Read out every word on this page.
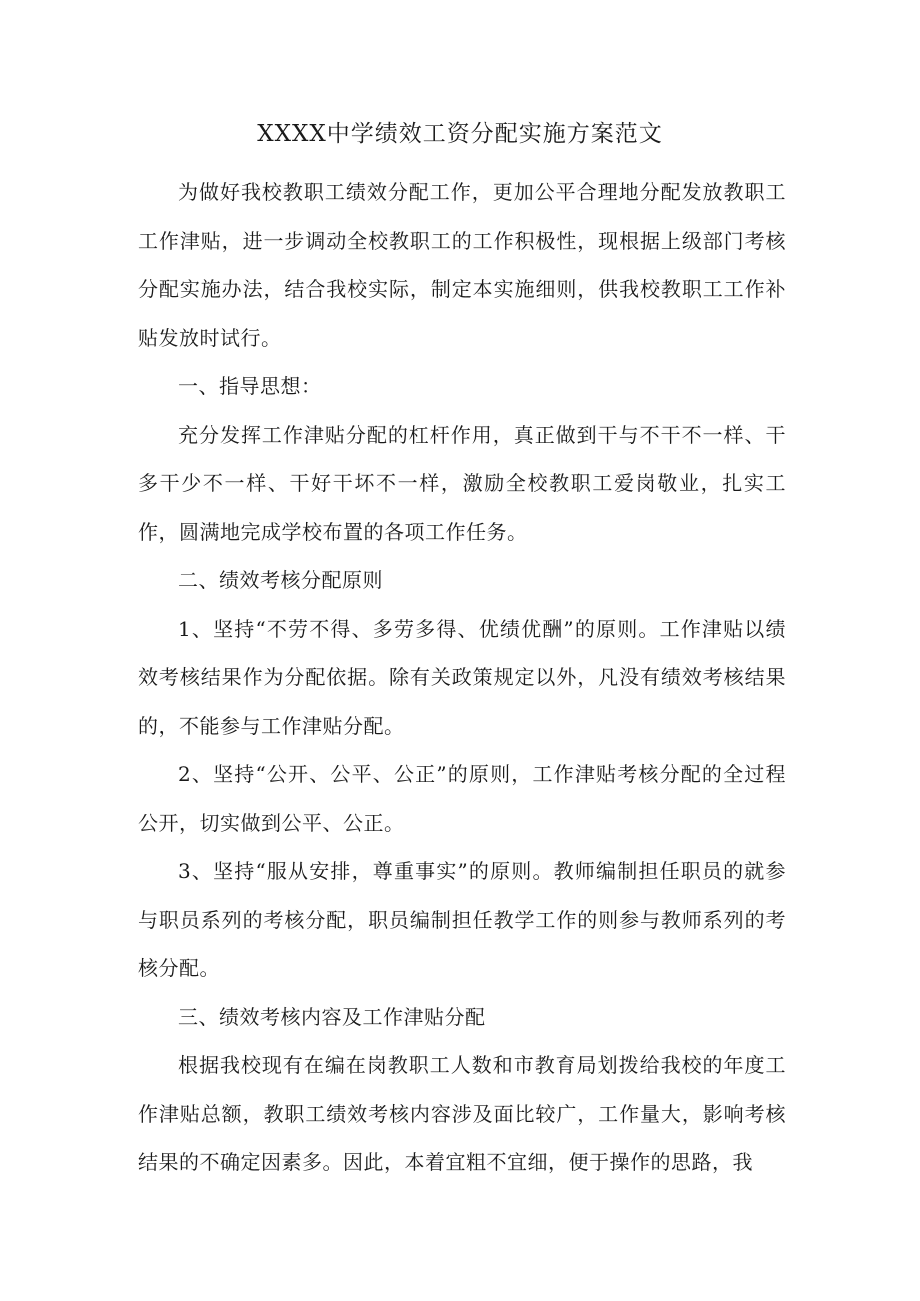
XXXX中学绩效工资分配实施方案范文

为做好我校教职工绩效分配工作，更加公平合理地分配发放教职工工作津贴，进一步调动全校教职工的工作积极性，现根据上级部门考核分配实施办法，结合我校实际，制定本实施细则，供我校教职工工作补贴发放时试行。

一、指导思想：

充分发挥工作津贴分配的杠杆作用，真正做到干与不干不一样、干多干少不一样、干好干坏不一样，激励全校教职工爱岗敬业，扎实工作，圆满地完成学校布置的各项工作任务。

二、绩效考核分配原则

1、坚持“不劳不得、多劳多得、优绩优酬”的原则。工作津贴以绩效考核结果作为分配依据。除有关政策规定以外，凡没有绩效考核结果的，不能参与工作津贴分配。

2、坚持“公开、公平、公正”的原则，工作津贴考核分配的全过程公开，切实做到公平、公正。

3、坚持“服从安排，尊重事实”的原则。教师编制担任职员的就参与职员系列的考核分配，职员编制担任教学工作的则参与教师系列的考核分配。

三、绩效考核内容及工作津贴分配

根据我校现有在编在岗教职工人数和市教育局划拨给我校的年度工作津贴总额，教职工绩效考核内容涉及面比较广，工作量大，影响考核结果的不确定因素多。因此，本着宜粗不宜细，便于操作的思路，我
